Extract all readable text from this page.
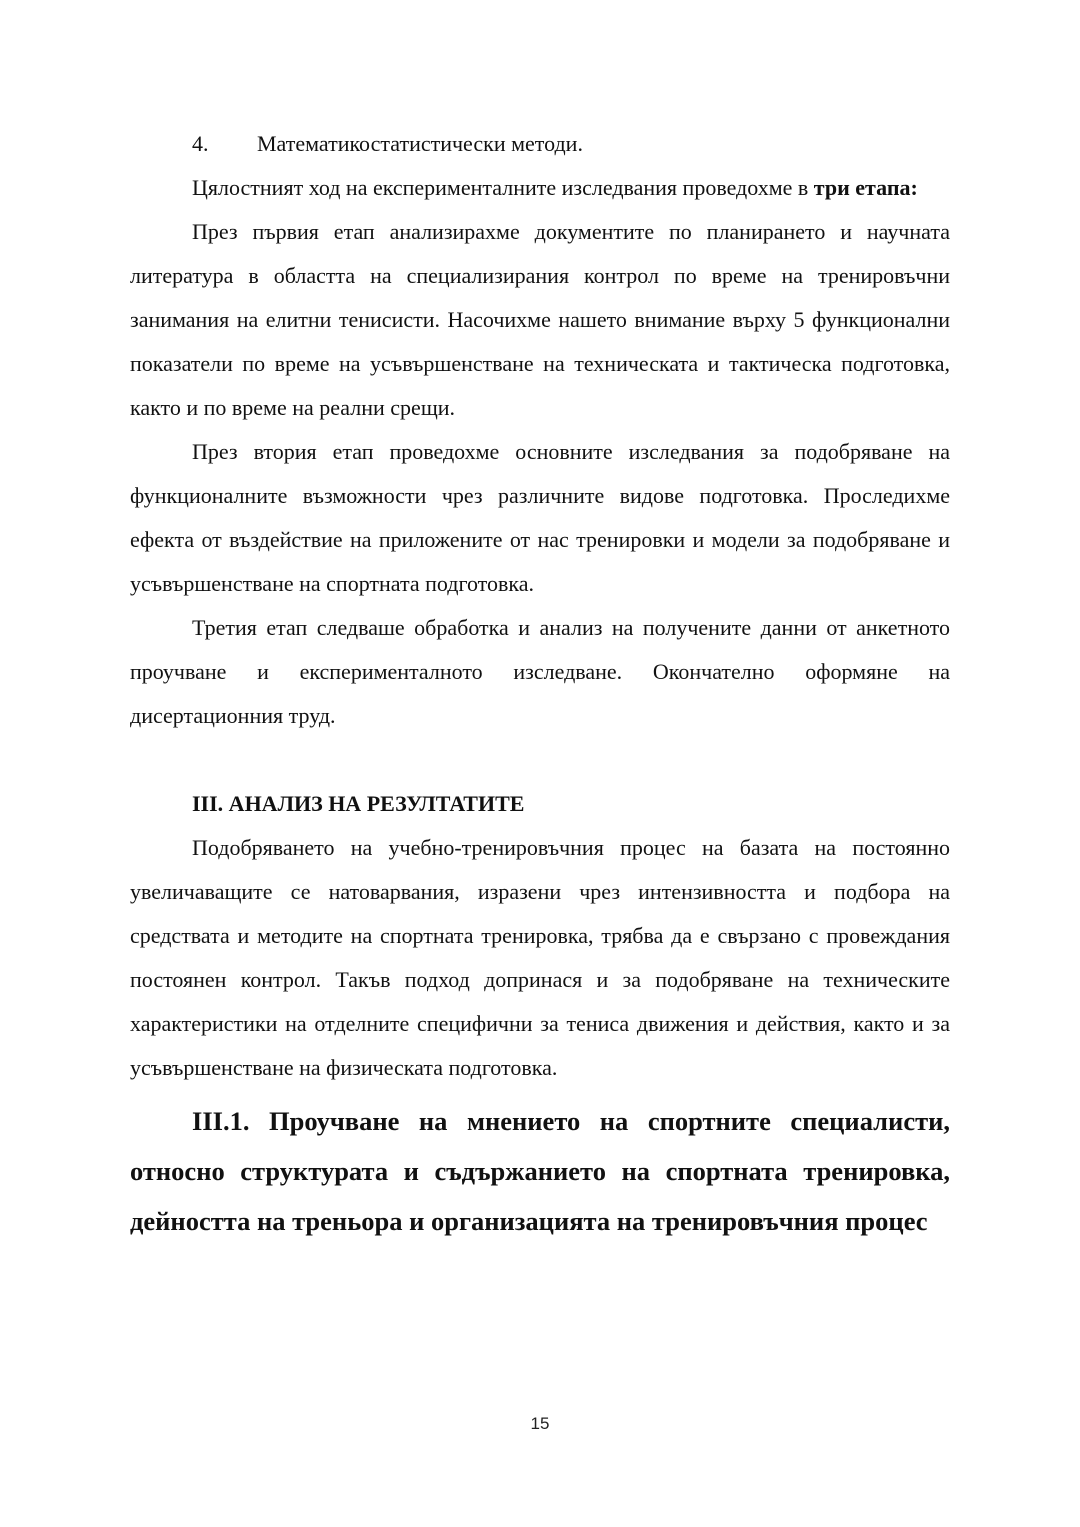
4. Математикостатистически методи.

Цялостният ход на експерименталните изследвания проведохме в три етапа:

През първия етап анализирахме документите по планирането и научната литература в областта на специализирания контрол по време на тренировъчни занимания на елитни тенисисти. Насочихме нашето внимание върху 5 функционални показатели по време на усъвършенстване на техническата и тактическа подготовка, както и по време на реални срещи.

През втория етап проведохме основните изследвания за подобряване на функционалните възможности чрез различните видове подготовка. Проследихме ефекта от въздействие на приложените от нас тренировки и модели за подобряване и усъвършенстване на спортната подготовка.

Третия етап следваше обработка и анализ на получените данни от анкетното проучване и експерименталното изследване. Окончателно оформяне на дисертационния труд.

III. АНАЛИЗ НА РЕЗУЛТАТИТЕ

Подобряването на учебно-тренировъчния процес на базата на постоянно увеличаващите се натоварвания, изразени чрез интензивността и подбора на средствата и методите на спортната тренировка, трябва да е свързано с провеждания постоянен контрол. Такъв подход допринася и за подобряване на техническите характеристики на отделните специфични за тениса движения и действия, както и за усъвършенстване на физическата подготовка.

III.1. Проучване на мнението на спортните специалисти, относно структурата и съдържанието на спортната тренировка, дейността на треньора и организацията на тренировъчния процес
15
